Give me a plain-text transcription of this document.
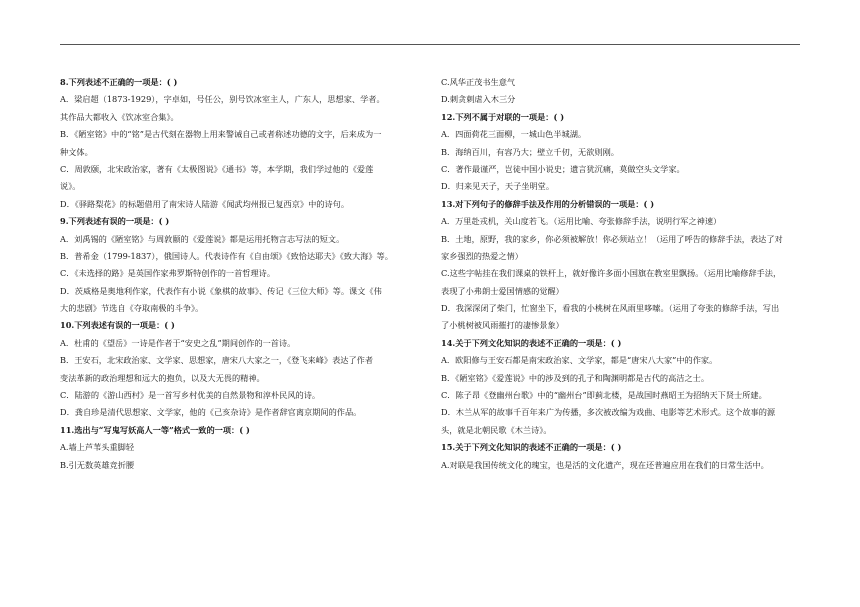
8.下列表述不正确的一项是：( )
A．梁启超（1873-1929），字卓如，号任公，别号饮冰室主人，广东人，思想家、学者。
其作品大都收入《饮冰室合集》。
B．《陋室铭》中的“铭”是古代刻在器物上用来警诫自己或者称述功德的文字，后来成为一
种文体。
C．周敦颐，北宋政治家，著有《太极图说》《通书》等，本学期，我们学过他的《爱莲
说》。
D．《驿路梨花》的标题借用了南宋诗人陆游《闻武均州报已复西京》中的诗句。
9.下列表述有误的一项是：( )
A．刘禹锡的《陋室铭》与周敦颐的《爱莲说》都是运用托物言志写法的短文。
B．普希金（1799-1837），俄国诗人。代表诗作有《自由颂》《致恰达耶夫》《致大海》等。
C．《未选择的路》是英国作家弗罗斯特创作的一首哲理诗。
D．茨威格是奥地利作家，代表作有小说《象棋的故事》、传记《三位大师》等。课文《伟
大的悲剧》节选自《夺取南极的斗争》。
10.下列表述有误的一项是：( )
A．杜甫的《望岳》一诗是作者于“安史之乱”期间创作的一首诗。
B．王安石，北宋政治家、文学家、思想家，唐宋八大家之一，《登飞来峰》表达了作者
变法革新的政治理想和远大的抱负，以及大无畏的精神。
C．陆游的《游山西村》是一首写乡村优美的自然景物和淳朴民风的诗。
D．龚自珍是清代思想家、文学家，他的《己亥杂诗》是作者辞官离京期间的作品。
11.选出与“写鬼写妖高人一等”格式一致的一项：( )
A.墙上芦苇头重脚轻
B.引无数英雄竞折腰
C.风华正茂书生意气
D.刺贪刺虐入木三分
12.下列不属于对联的一项是：( )
A．四面荷花三面柳，一城山色半城湖。
B．海纳百川，有容乃大；壁立千仞，无欲则刚。
C．著作最谨严，岂徒中国小说史；遗言犹沉痛，莫做空头文学家。
D．归来见天子，天子坐明堂。
13.对下列句子的修辞手法及作用的分析错误的一项是：( )
A．万里赴戎机，关山度若飞。（运用比喻、夸张修辞手法，说明行军之神速）
B．土地，原野，我的家乡，你必须被解放！你必须站立！（运用了呼告的修辞手法，表达了对
家乡强烈的热爱之情）
C.这些字帖挂在我们课桌的铁杆上，就好像许多面小国旗在教室里飘扬。（运用比喻修辞手法，
表现了小弗朗士爱国情感的觉醒）
D．我深深闭了柴门，忙窗坐下，看我的小桃树在风雨里哆嗦。（运用了夸张的修辞手法，写出
了小桃树被风雨摧打的凄惨景象）
14.关于下列文化知识的表述不正确的一项是：( )
A．欧阳修与王安石都是南宋政治家、文学家，都是“唐宋八大家”中的作家。
B．《陋室铭》《爱莲说》中的涉及到的孔子和陶渊明都是古代的高洁之士。
C．陈子昂《登幽州台歌》中的“幽州台”即蓟北楼，是战国时燕昭王为招纳天下贤士所建。
D．木兰从军的故事千百年来广为传播，多次被改编为戏曲、电影等艺术形式。这个故事的源
头，就是北朝民歌《木兰诗》。
15.关于下列文化知识的表述不正确的一项是：( )
A.对联是我国传统文化的瑰宝，也是活的文化遗产，现在还普遍应用在我们的日常生活中。
